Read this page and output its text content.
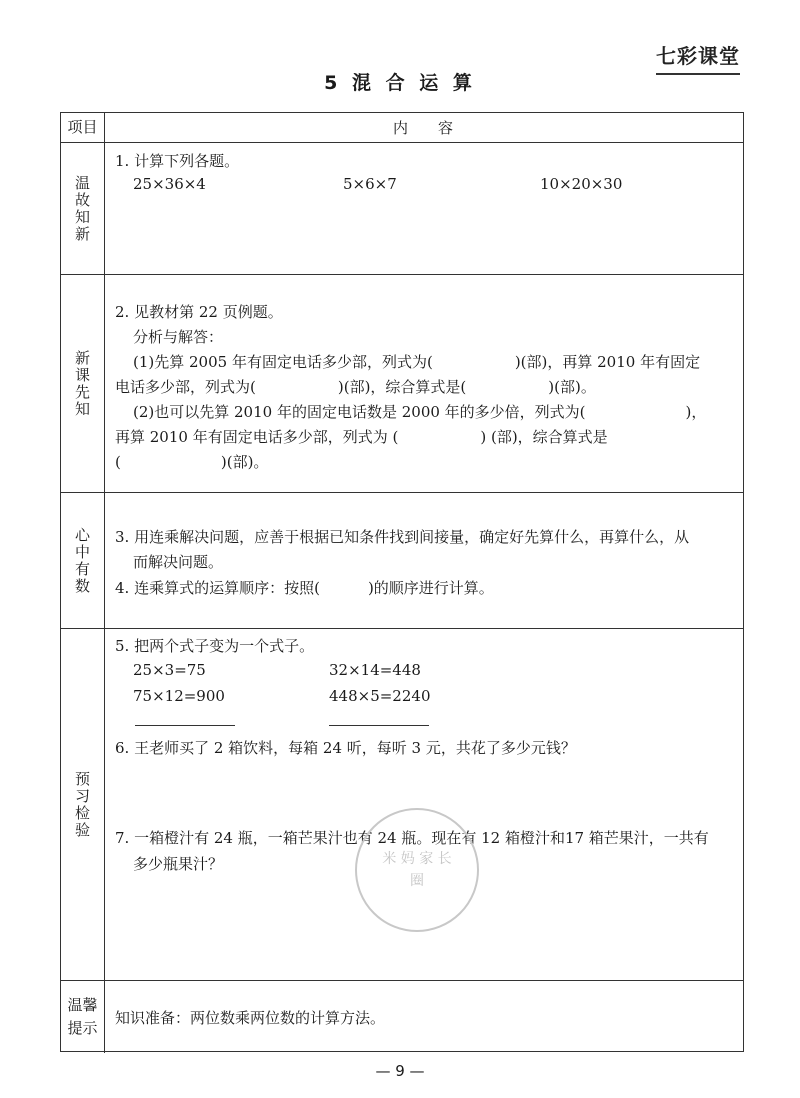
七彩课堂
5 混 合 运 算
项目	内　　容
温故知新
1. 计算下列各题。
25×36×4	5×6×7	10×20×30
新课先知
2. 见教材第 22 页例题。
分析与解答：
(1)先算 2005 年有固定电话多少部，列式为(	)(部)，再算 2010 年有固定
电话多少部，列式为(	)(部)，综合算式是(	)(部)。
(2)也可以先算 2010 年的固定电话数是 2000 年的多少倍，列式为(	)，
再算 2010 年有固定电话多少部，列式为 (	) (部)，综合算式是
(	)(部)。
心中有数 3. 用连乘解决问题，应善于根据已知条件找到间接量，确定好先算什么，再算什么，从
而解决问题。
4. 连乘算式的运算顺序：按照(	)的顺序进行计算。
预习检验
5. 把两个式子变为一个式子。
25×3=75	32×14=448
75×12=900	448×5=2240
6. 王老师买了 2 箱饮料，每箱 24 听，每听 3 元，共花了多少元钱？
7. 一箱橙汁有 24 瓶，一箱芒果汁也有 24 瓶。现在有 12 箱橙汁和17 箱芒果汁，一共有
多少瓶果汁？
温馨提示
知识准备：两位数乘两位数的计算方法。
米 妈 家 长 圈
— 9 —
